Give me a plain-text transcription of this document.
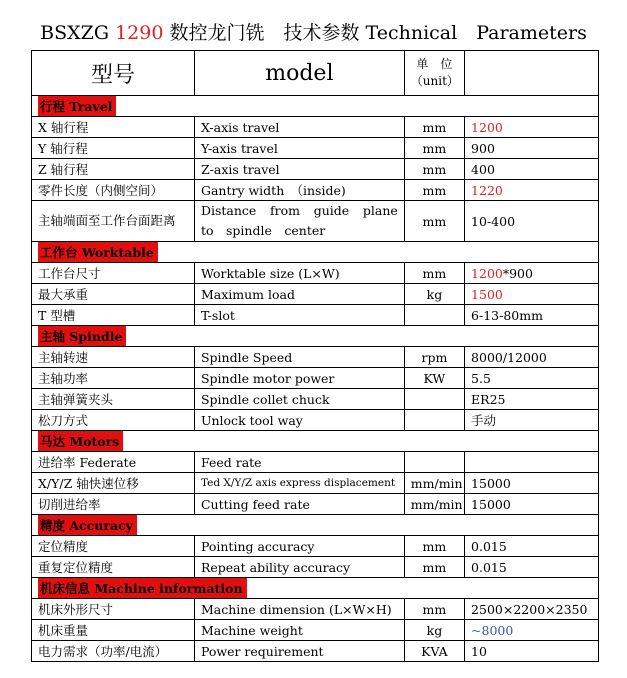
BSXZG 1290 数控龙门铣　技术参数 Technical　Parameters
型号	model	单　位
（unit）	
行程 Travel			
X 轴行程	X-axis travel	mm	1200
Y 轴行程	Y-axis travel	mm	900
Z 轴行程	Z-axis travel	mm	400
零件长度（内侧空间）	Gantry width　（inside)	mm	1220
主轴端面至工作台面距离	Distance　from　guide　plane　to　spindle　center	mm	10-400
工作台 Worktable			
工作台尺寸	Worktable size (L×W)	mm	1200*900
最大承重	Maximum load	kg	1500
T 型槽	T-slot		6-13-80mm
主轴 Spindle			
主轴转速	Spindle Speed	rpm	8000/12000
主轴功率	Spindle motor power	KW	5.5
主轴弹簧夹头	Spindle collet chuck		ER25
松刀方式	Unlock tool way		手动
马达 Motors			
进给率 Federate	Feed rate		
X/Y/Z 轴快速位移	Ted X/Y/Z axis express displacement	mm/min	15000
切削进给率	Cutting feed rate	mm/min	15000
精度 Accuracy			
定位精度	Pointing accuracy	mm	0.015
重复定位精度	Repeat ability accuracy	mm	0.015
机床信息 Machine information			
机床外形尺寸	Machine dimension (L×W×H)	mm	2500×2200×2350
机床重量	Machine weight	kg	~8000
电力需求（功率/电流）	Power requirement	KVA	10
